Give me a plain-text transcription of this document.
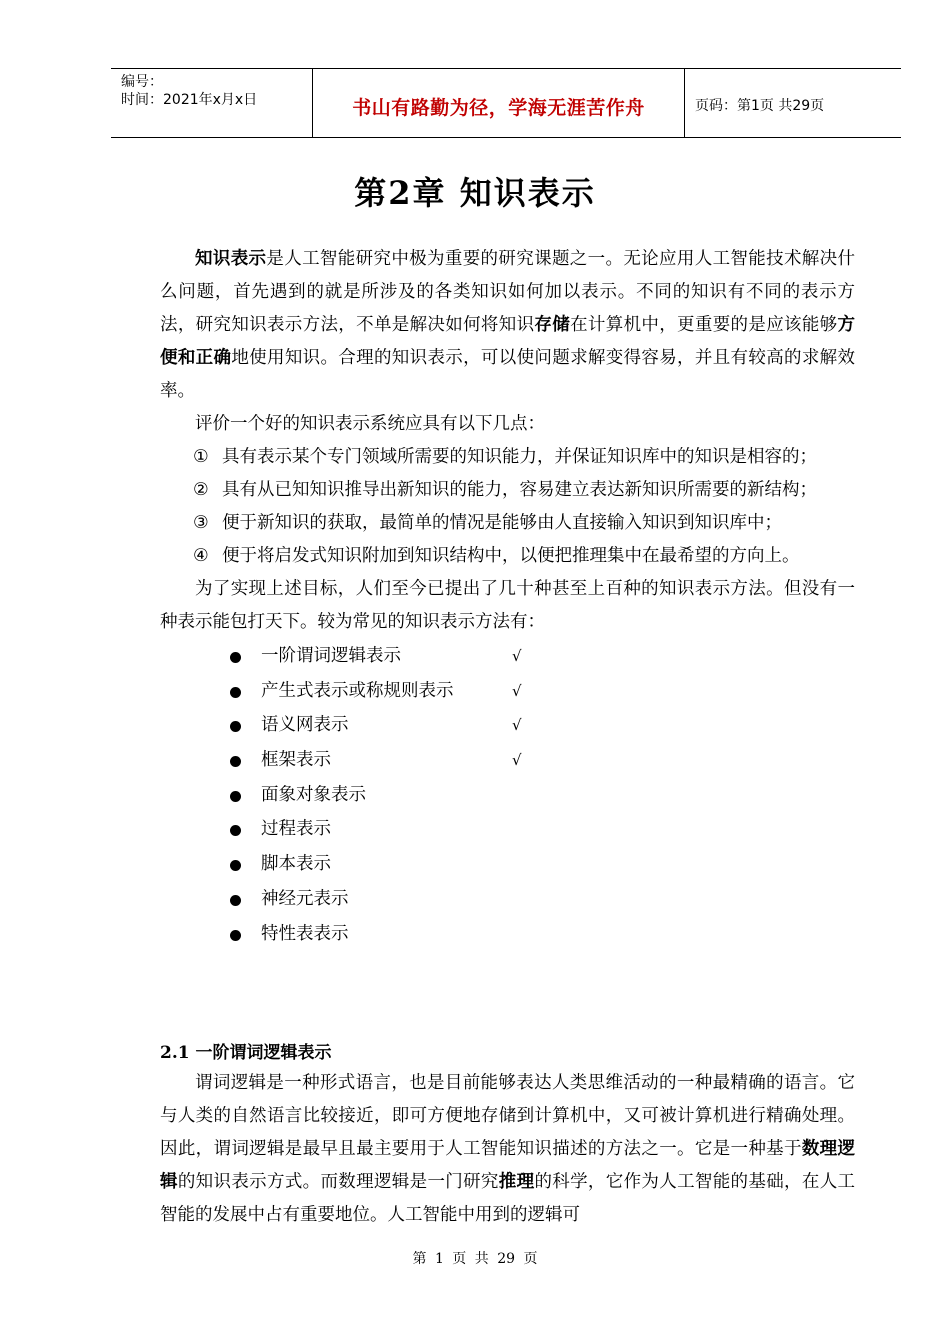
编号：
时间：2021年x月x日	书山有路勤为径，学海无涯苦作舟	页码：第1页 共29页
第2章 知识表示

知识表示是人工智能研究中极为重要的研究课题之一。无论应用人工智能技术解决什么问题，首先遇到的就是所涉及的各类知识如何加以表示。不同的知识有不同的表示方法，研究知识表示方法，不单是解决如何将知识存储在计算机中，更重要的是应该能够方便和正确地使用知识。合理的知识表示，可以使问题求解变得容易，并且有较高的求解效率。

评价一个好的知识表示系统应具有以下几点：

① 具有表示某个专门领域所需要的知识能力，并保证知识库中的知识是相容的；

② 具有从已知知识推导出新知识的能力，容易建立表达新知识所需要的新结构；

③ 便于新知识的获取，最简单的情况是能够由人直接输入知识到知识库中；

④ 便于将启发式知识附加到知识结构中，以便把推理集中在最希望的方向上。

为了实现上述目标，人们至今已提出了几十种甚至上百种的知识表示方法。但没有一种表示能包打天下。较为常见的知识表示方法有：

一阶谓词逻辑表示	√
产生式表示或称规则表示	√
语义网表示	√
框架表示	√
面象对象表示
过程表示
脚本表示
神经元表示
特性表表示
2.1 一阶谓词逻辑表示

谓词逻辑是一种形式语言，也是目前能够表达人类思维活动的一种最精确的语言。它与人类的自然语言比较接近，即可方便地存储到计算机中，又可被计算机进行精确处理。因此，谓词逻辑是最早且最主要用于人工智能知识描述的方法之一。它是一种基于数理逻辑的知识表示方式。而数理逻辑是一门研究推理的科学，它作为人工智能的基础，在人工智能的发展中占有重要地位。人工智能中用到的逻辑可

第 1 页 共 29 页
